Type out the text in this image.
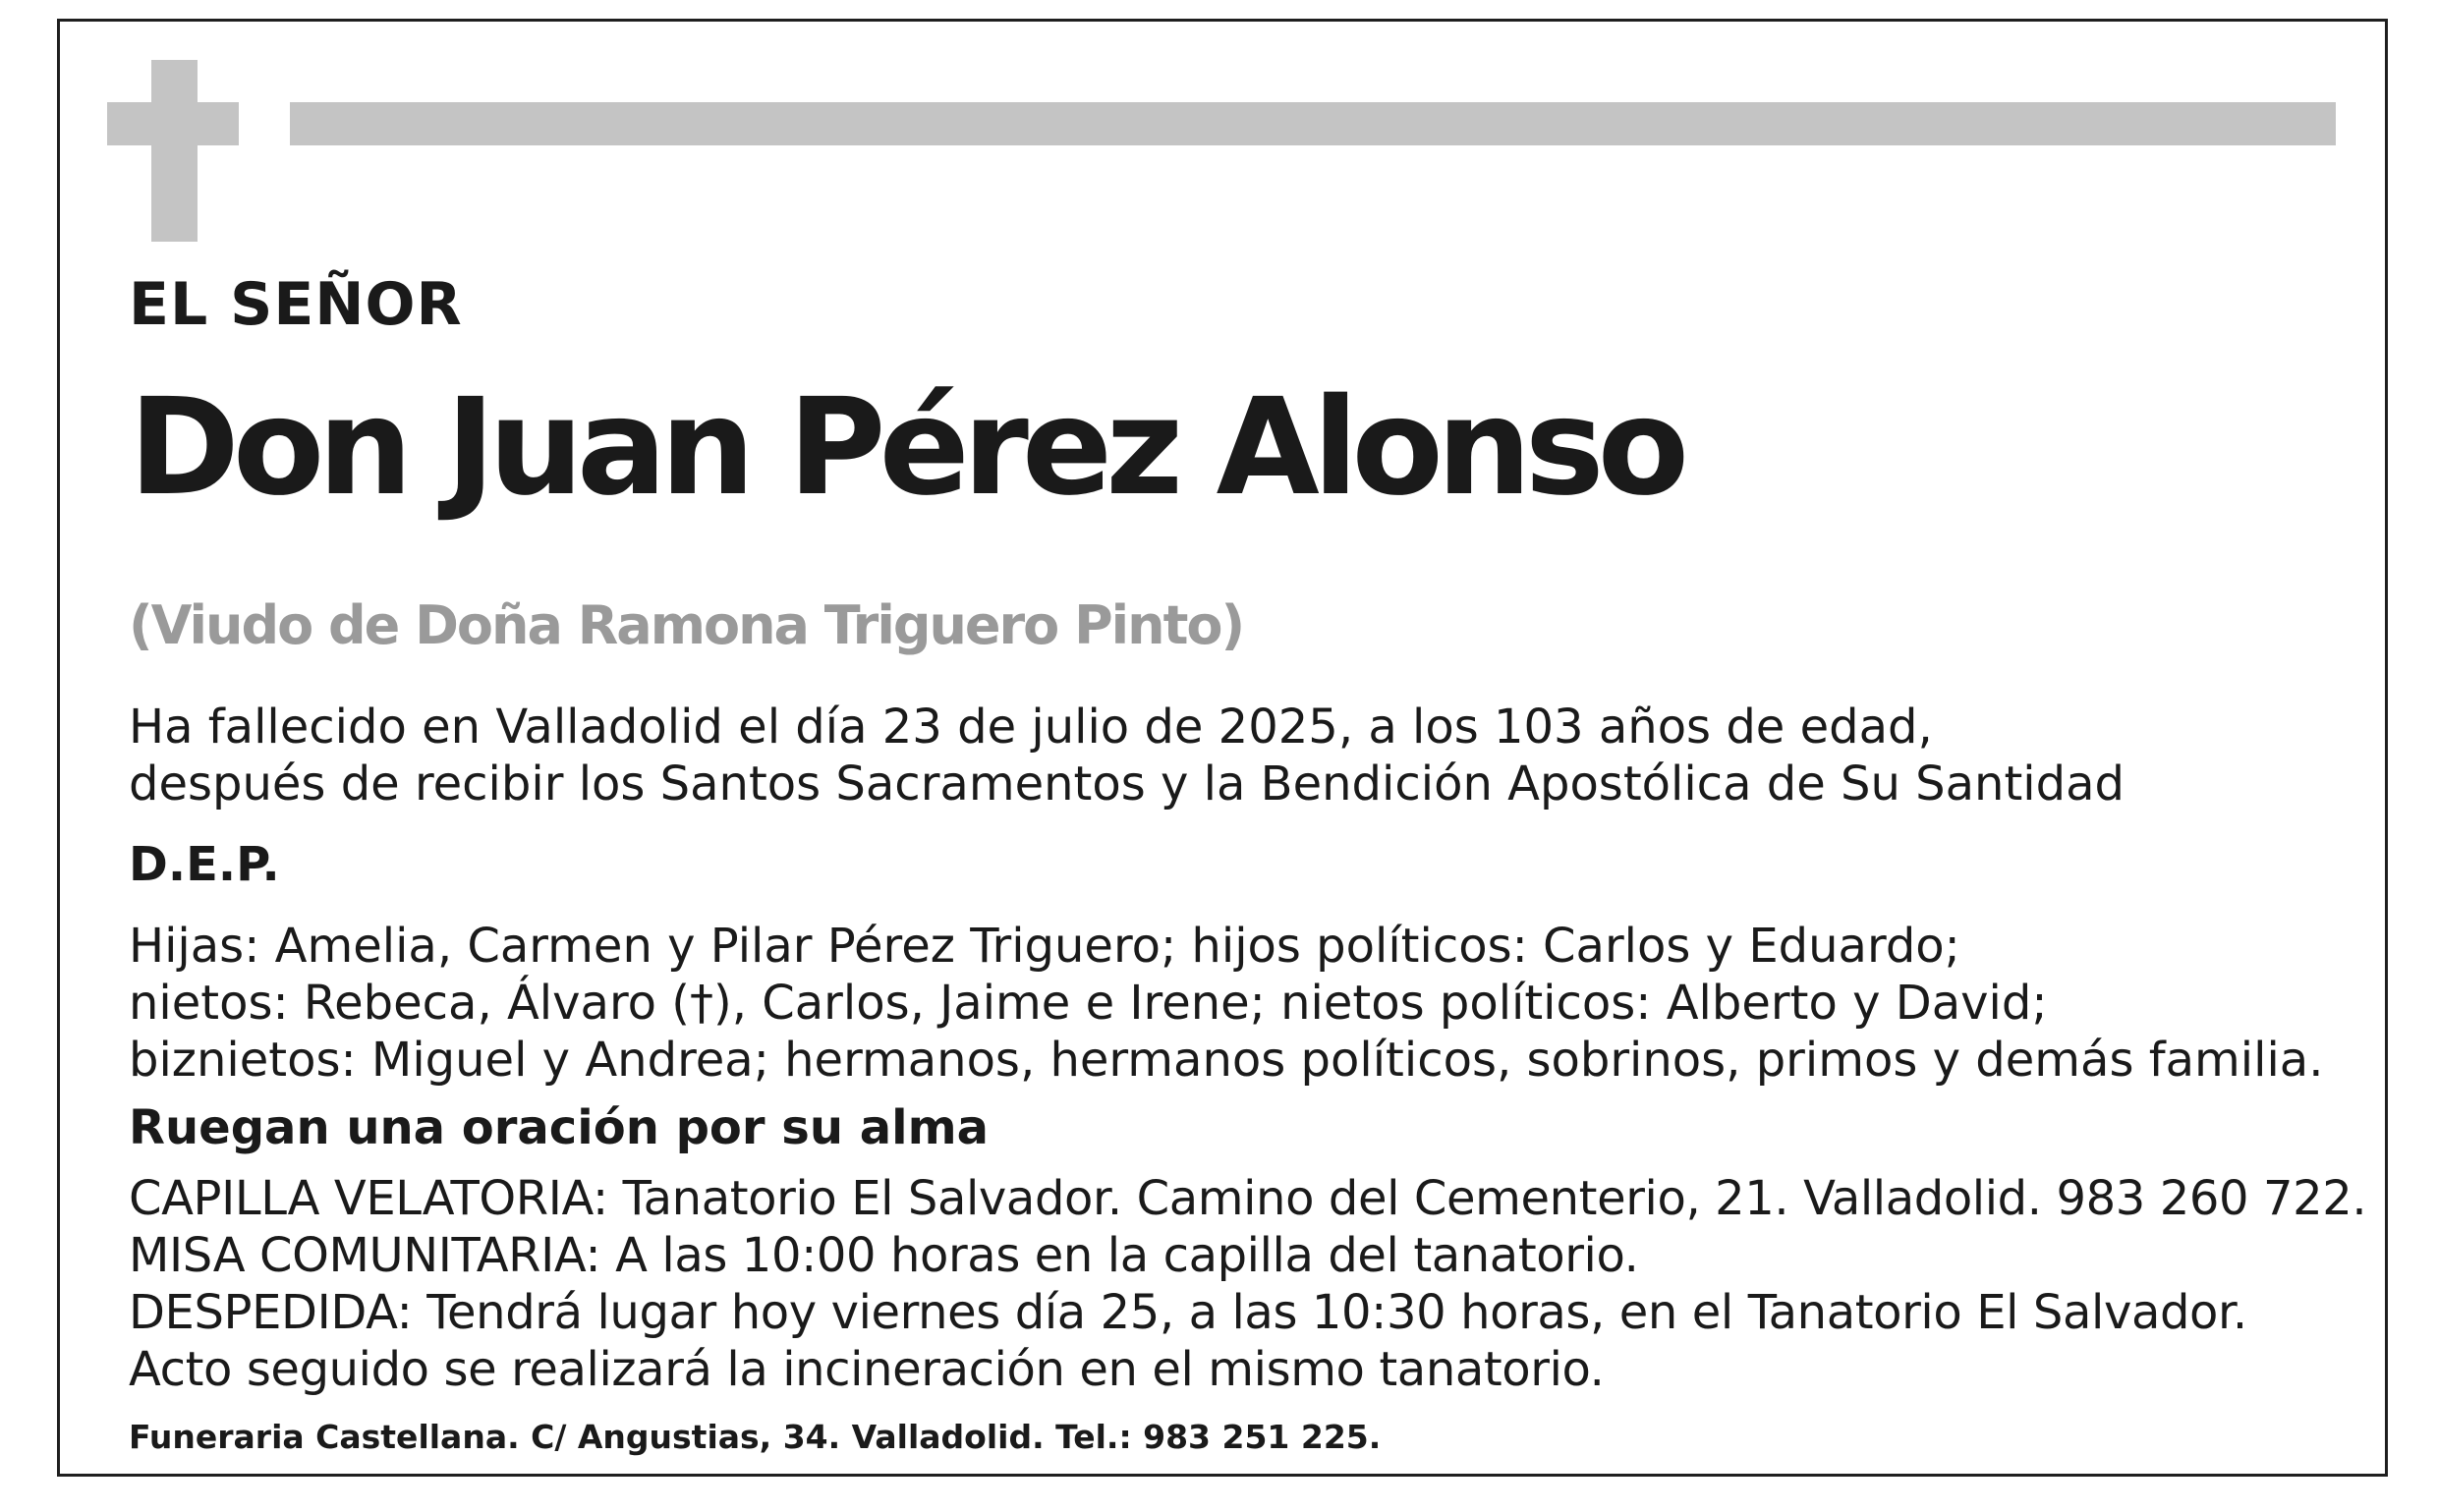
EL SEÑOR
Don Juan Pérez Alonso
(Viudo de Doña Ramona Triguero Pinto)
Ha fallecido en Valladolid el día 23 de julio de 2025, a los 103 años de edad,
después de recibir los Santos Sacramentos y la Bendición Apostólica de Su Santidad
D.E.P.
Hijas: Amelia, Carmen y Pilar Pérez Triguero; hijos políticos: Carlos y Eduardo;
nietos: Rebeca, Álvaro (†), Carlos, Jaime e Irene; nietos políticos: Alberto y David;
biznietos: Miguel y Andrea; hermanos, hermanos políticos, sobrinos, primos y demás familia.
Ruegan una oración por su alma
CAPILLA VELATORIA: Tanatorio El Salvador. Camino del Cementerio, 21. Valladolid. 983 260 722.
MISA COMUNITARIA: A las 10:00 horas en la capilla del tanatorio.
DESPEDIDA: Tendrá lugar hoy viernes día 25, a las 10:30 horas, en el Tanatorio El Salvador.
Acto seguido se realizará la incineración en el mismo tanatorio.
Funeraria Castellana. C/ Angustias, 34. Valladolid. Tel.: 983 251 225.
